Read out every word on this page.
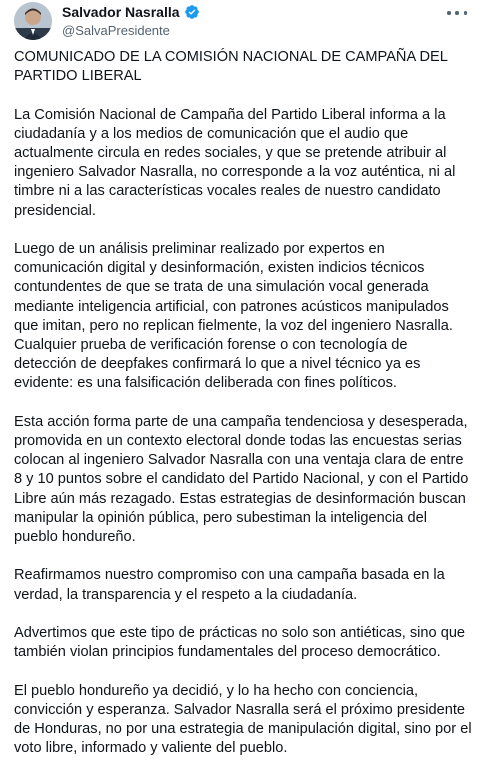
Salvador Nasralla
@SalvaPresidente

COMUNICADO DE LA COMISIÓN NACIONAL DE CAMPAÑA DEL PARTIDO LIBERAL

La Comisión Nacional de Campaña del Partido Liberal informa a la ciudadanía y a los medios de comunicación que el audio que actualmente circula en redes sociales, y que se pretende atribuir al ingeniero Salvador Nasralla, no corresponde a la voz auténtica, ni al timbre ni a las características vocales reales de nuestro candidato presidencial.

Luego de un análisis preliminar realizado por expertos en comunicación digital y desinformación, existen indicios técnicos contundentes de que se trata de una simulación vocal generada mediante inteligencia artificial, con patrones acústicos manipulados que imitan, pero no replican fielmente, la voz del ingeniero Nasralla. Cualquier prueba de verificación forense o con tecnología de detección de deepfakes confirmará lo que a nivel técnico ya es evidente: es una falsificación deliberada con fines políticos.

Esta acción forma parte de una campaña tendenciosa y desesperada, promovida en un contexto electoral donde todas las encuestas serias colocan al ingeniero Salvador Nasralla con una ventaja clara de entre 8 y 10 puntos sobre el candidato del Partido Nacional, y con el Partido Libre aún más rezagado. Estas estrategias de desinformación buscan manipular la opinión pública, pero subestiman la inteligencia del pueblo hondureño.

Reafirmamos nuestro compromiso con una campaña basada en la verdad, la transparencia y el respeto a la ciudadanía.

Advertimos que este tipo de prácticas no solo son antiéticas, sino que también violan principios fundamentales del proceso democrático.

El pueblo hondureño ya decidió, y lo ha hecho con conciencia, convicción y esperanza. Salvador Nasralla será el próximo presidente de Honduras, no por una estrategia de manipulación digital, sino por el voto libre, informado y valiente del pueblo.
